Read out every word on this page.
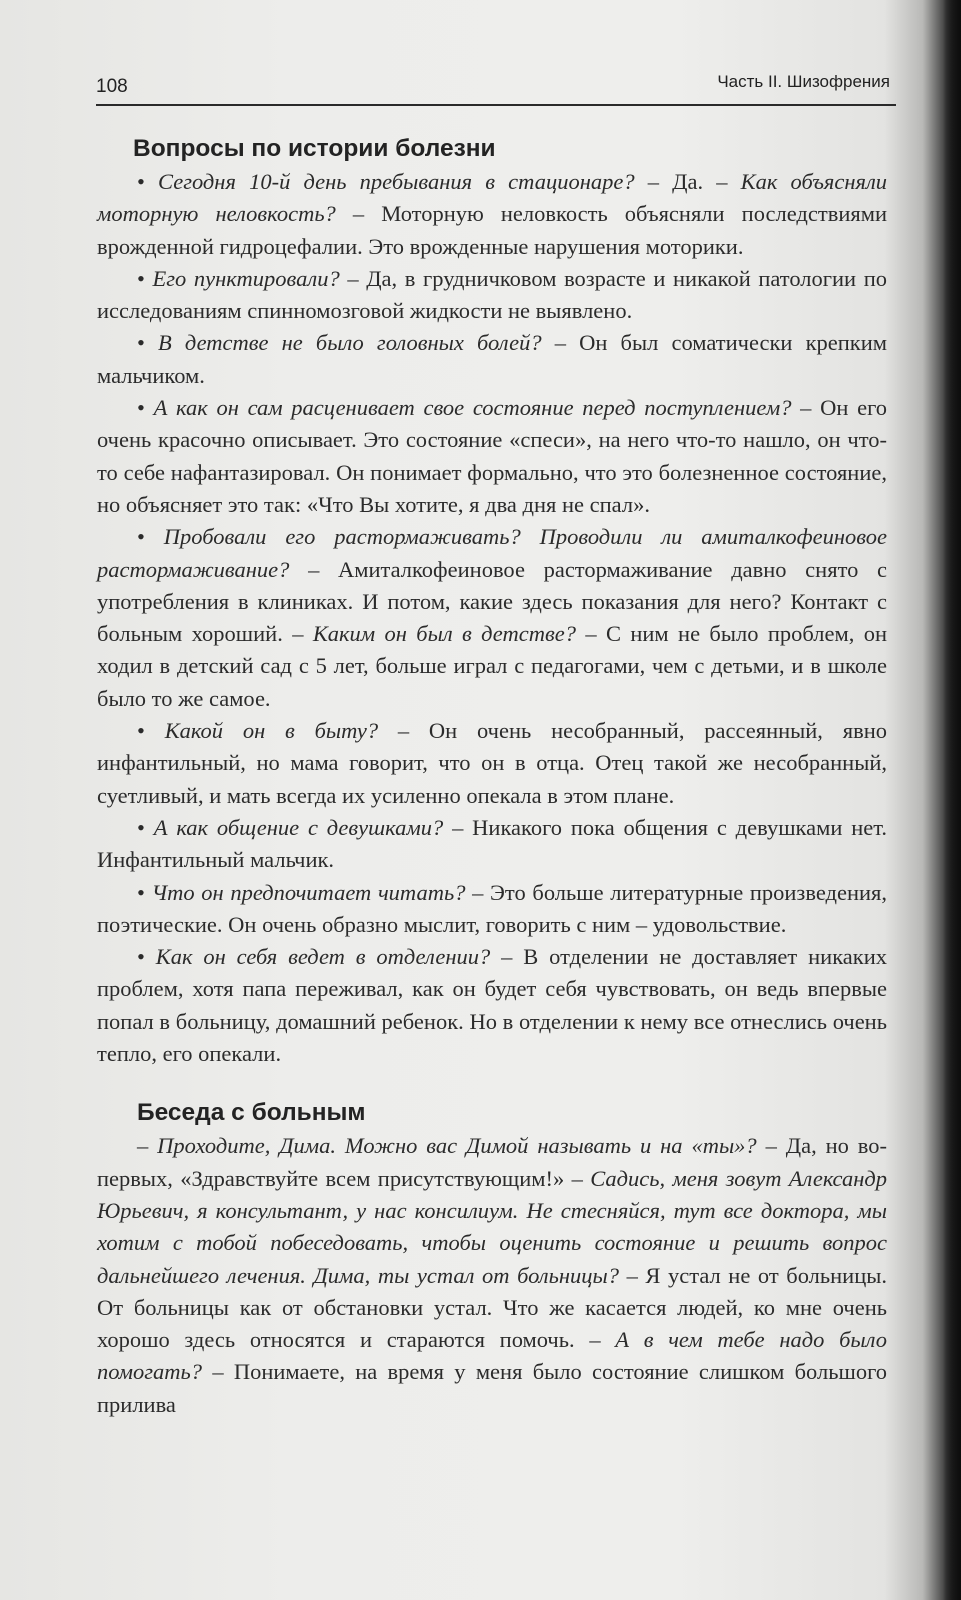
108	Часть II. Шизофрения
Вопросы по истории болезни

• Сегодня 10-й день пребывания в стационаре? – Да. – Как объясняли моторную неловкость? – Моторную неловкость объясняли последствиями врожденной гидроцефалии. Это врожденные нарушения моторики.

• Его пунктировали? – Да, в грудничковом возрасте и никакой патологии по исследованиям спинномозговой жидкости не выявлено.

• В детстве не было головных болей? – Он был соматически крепким мальчиком.

• А как он сам расценивает свое состояние перед поступлением? – Он его очень красочно описывает. Это состояние «спеси», на него что-то нашло, он что-то себе нафантазировал. Он понимает формально, что это болезненное состояние, но объясняет это так: «Что Вы хотите, я два дня не спал».

• Пробовали его растормаживать? Проводили ли амиталкофеиновое растормаживание? – Амиталкофеиновое растормаживание давно снято с употребления в клиниках. И потом, какие здесь показания для него? Контакт с больным хороший. – Каким он был в детстве? – С ним не было проблем, он ходил в детский сад с 5 лет, больше играл с педагогами, чем с детьми, и в школе было то же самое.

• Какой он в быту? – Он очень несобранный, рассеянный, явно инфантильный, но мама говорит, что он в отца. Отец такой же несобранный, суетливый, и мать всегда их усиленно опекала в этом плане.

• А как общение с девушками? – Никакого пока общения с девушками нет. Инфантильный мальчик.

• Что он предпочитает читать? – Это больше литературные произведения, поэтические. Он очень образно мыслит, говорить с ним – удовольствие.

• Как он себя ведет в отделении? – В отделении не доставляет никаких проблем, хотя папа переживал, как он будет себя чувствовать, он ведь впервые попал в больницу, домашний ребенок. Но в отделении к нему все отнеслись очень тепло, его опекали.

Беседа с больным

– Проходите, Дима. Можно вас Димой называть и на «ты»? – Да, но во-первых, «Здравствуйте всем присутствующим!» – Садись, меня зовут Александр Юрьевич, я консультант, у нас консилиум. Не стесняйся, тут все доктора, мы хотим с тобой побеседовать, чтобы оценить состояние и решить вопрос дальнейшего лечения. Дима, ты устал от больницы? – Я устал не от больницы. От больницы как от обстановки устал. Что же касается людей, ко мне очень хорошо здесь относятся и стараются помочь. – А в чем тебе надо было помогать? – Понимаете, на время у меня было состояние слишком большого прилива
